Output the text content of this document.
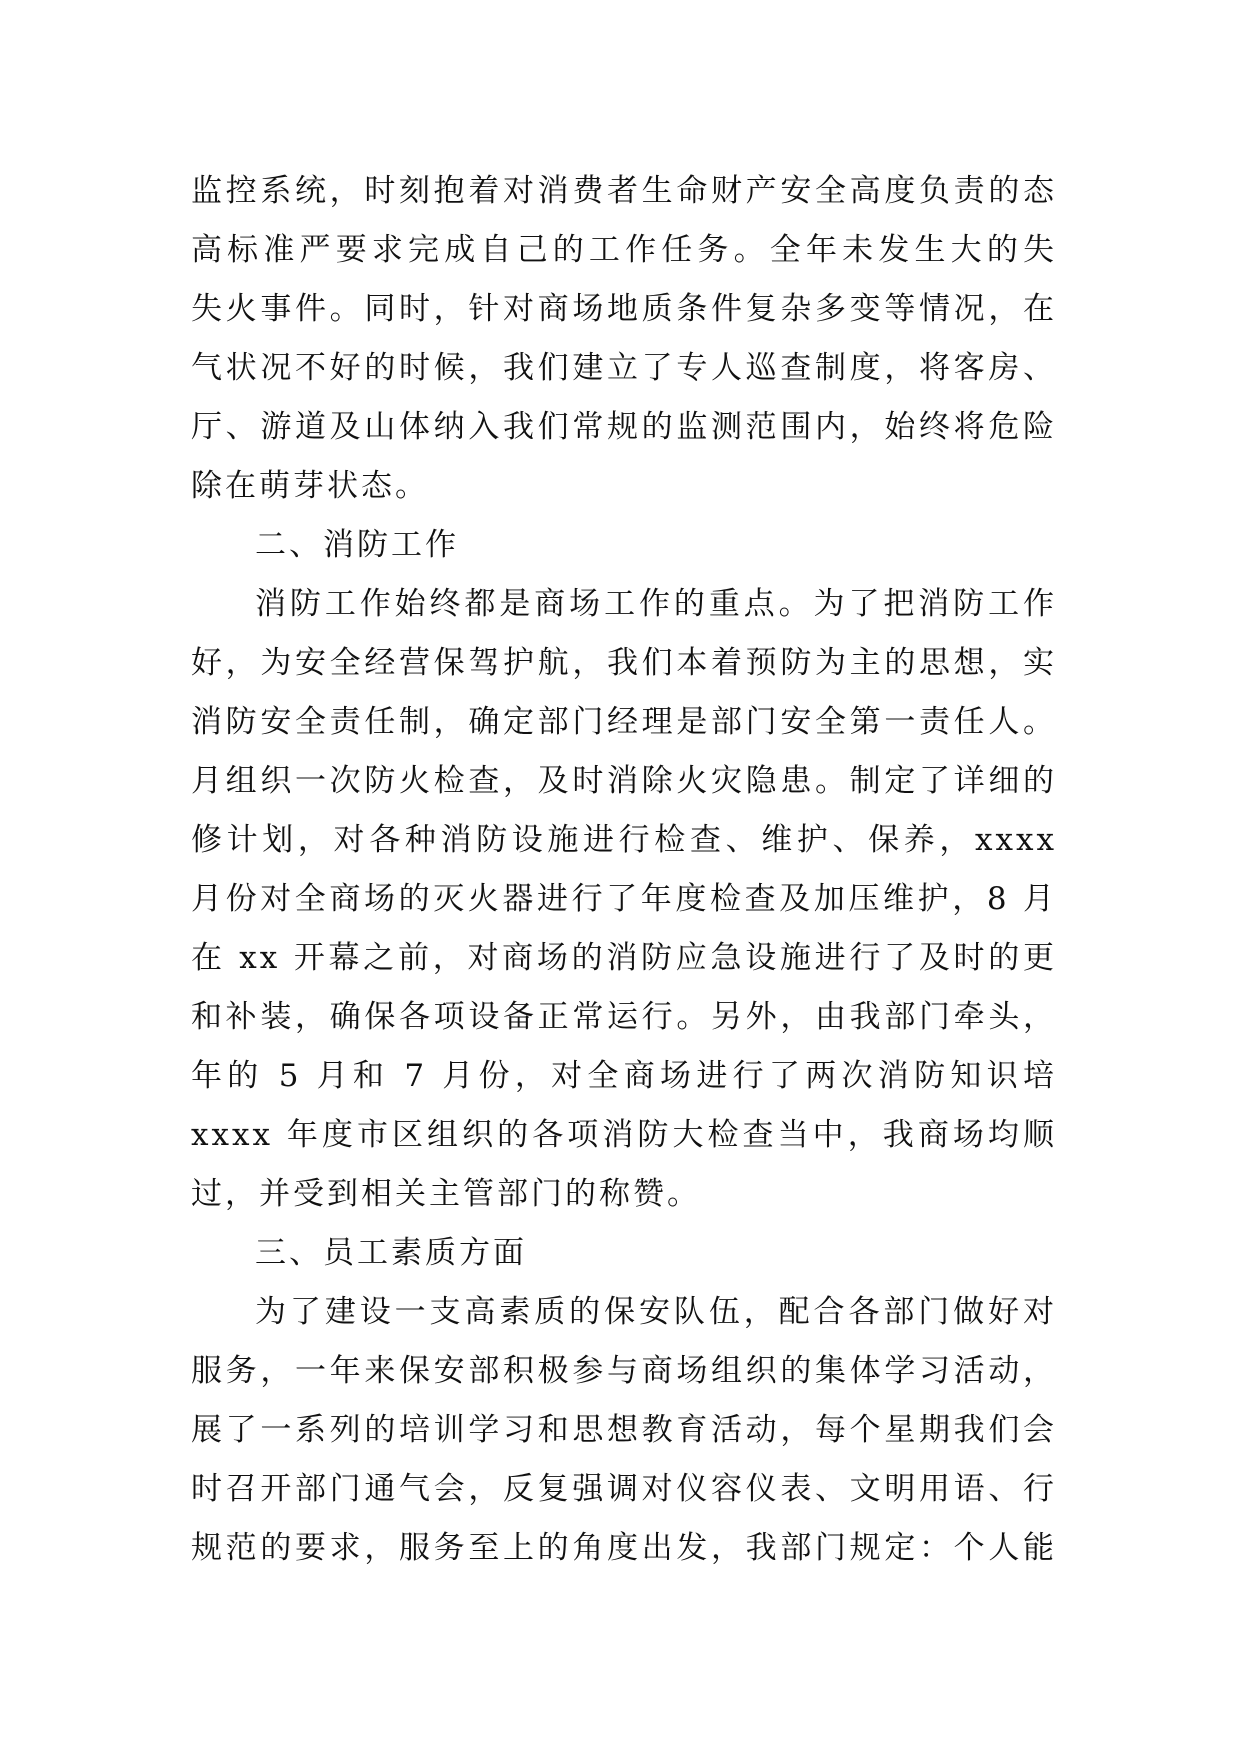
监控系统，时刻抱着对消费者生命财产安全高度负责的态
高标准严要求完成自己的工作任务。全年未发生大的失
失火事件。同时，针对商场地质条件复杂多变等情况，在
气状况不好的时候，我们建立了专人巡查制度，将客房、
厅、游道及山体纳入我们常规的监测范围内，始终将危险
除在萌芽状态。
二、消防工作
消防工作始终都是商场工作的重点。为了把消防工作
好，为安全经营保驾护航，我们本着预防为主的思想，实
消防安全责任制，确定部门经理是部门安全第一责任人。
月组织一次防火检查，及时消除火灾隐患。制定了详细的
修计划，对各种消防设施进行检查、维护、保养，xxxx
月份对全商场的灭火器进行了年度检查及加压维护，8 月
在 xx 开幕之前，对商场的消防应急设施进行了及时的更
和补装，确保各项设备正常运行。另外，由我部门牵头，
年的 5 月和 7 月份，对全商场进行了两次消防知识培
xxxx 年度市区组织的各项消防大检查当中，我商场均顺
过，并受到相关主管部门的称赞。
三、员工素质方面
为了建设一支高素质的保安队伍，配合各部门做好对
服务，一年来保安部积极参与商场组织的集体学习活动，
展了一系列的培训学习和思想教育活动，每个星期我们会
时召开部门通气会，反复强调对仪容仪表、文明用语、行
规范的要求，服务至上的角度出发，我部门规定：个人能
